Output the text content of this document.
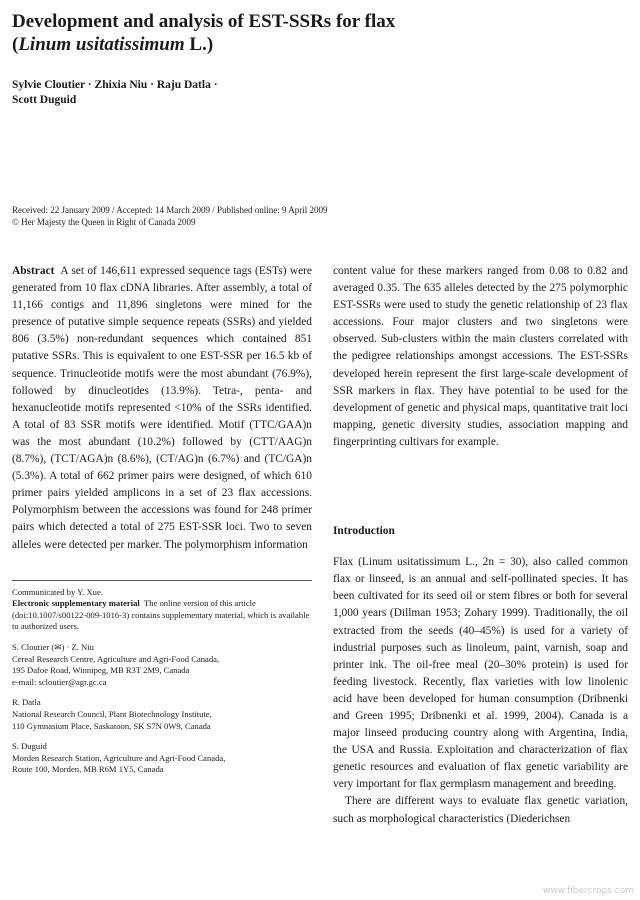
Development and analysis of EST-SSRs for flax
(Linum usitatissimum L.)
Sylvie Cloutier · Zhixia Niu · Raju Datla ·
Scott Duguid
Received: 22 January 2009 / Accepted: 14 March 2009 / Published online: 9 April 2009
© Her Majesty the Queen in Right of Canada 2009
Abstract A set of 146,611 expressed sequence tags (ESTs) were generated from 10 flax cDNA libraries. After assembly, a total of 11,166 contigs and 11,896 singletons were mined for the presence of putative simple sequence repeats (SSRs) and yielded 806 (3.5%) non-redundant sequences which contained 851 putative SSRs. This is equivalent to one EST-SSR per 16.5 kb of sequence. Trinucleotide motifs were the most abundant (76.9%), followed by dinucleotides (13.9%). Tetra-, penta- and hexanucleotide motifs represented <10% of the SSRs identified. A total of 83 SSR motifs were identified. Motif (TTC/GAA)n was the most abundant (10.2%) followed by (CTT/AAG)n (8.7%), (TCT/AGA)n (8.6%), (CT/AG)n (6.7%) and (TC/GA)n (5.3%). A total of 662 primer pairs were designed, of which 610 primer pairs yielded amplicons in a set of 23 flax accessions. Polymorphism between the accessions was found for 248 primer pairs which detected a total of 275 EST-SSR loci. Two to seven alleles were detected per marker. The polymorphism information

Communicated by Y. Xue.

Electronic supplementary material The online version of this article (doi:10.1007/s00122-009-1016-3) contains supplementary material, which is available to authorized users.

S. Cloutier (✉) · Z. Niu

Cereal Research Centre, Agriculture and Agri-Food Canada,

195 Dafoe Road, Winnipeg, MB R3T 2M9, Canada

e-mail: scloutier@agr.gc.ca

R. Datla

National Research Council, Plant Biotechnology Institute,

110 Gymnasium Place, Saskatoon, SK S7N 0W9, Canada

S. Duguid

Morden Research Station, Agriculture and Agri-Food Canada,

Route 100, Morden, MB R6M 1Y5, Canada

content value for these markers ranged from 0.08 to 0.82 and averaged 0.35. The 635 alleles detected by the 275 polymorphic EST-SSRs were used to study the genetic relationship of 23 flax accessions. Four major clusters and two singletons were observed. Sub-clusters within the main clusters correlated with the pedigree relationships amongst accessions. The EST-SSRs developed herein represent the first large-scale development of SSR markers in flax. They have potential to be used for the development of genetic and physical maps, quantitative trait loci mapping, genetic diversity studies, association mapping and fingerprinting cultivars for example.
Introduction

Flax (Linum usitatissimum L., 2n = 30), also called common flax or linseed, is an annual and self-pollinated species. It has been cultivated for its seed oil or stem fibres or both for several 1,000 years (Dillman 1953; Zohary 1999). Traditionally, the oil extracted from the seeds (40–45%) is used for a variety of industrial purposes such as linoleum, paint, varnish, soap and printer ink. The oil-free meal (20–30% protein) is used for feeding livestock. Recently, flax varieties with low linolenic acid have been developed for human consumption (Dribnenki and Green 1995; Dribnenki et al. 1999, 2004). Canada is a major linseed producing country along with Argentina, India, the USA and Russia. Exploitation and characterization of flax genetic resources and evaluation of flax genetic variability are very important for flax germplasm management and breeding.

There are different ways to evaluate flax genetic variation, such as morphological characteristics (Diederichsen

www.fibercrops.com
